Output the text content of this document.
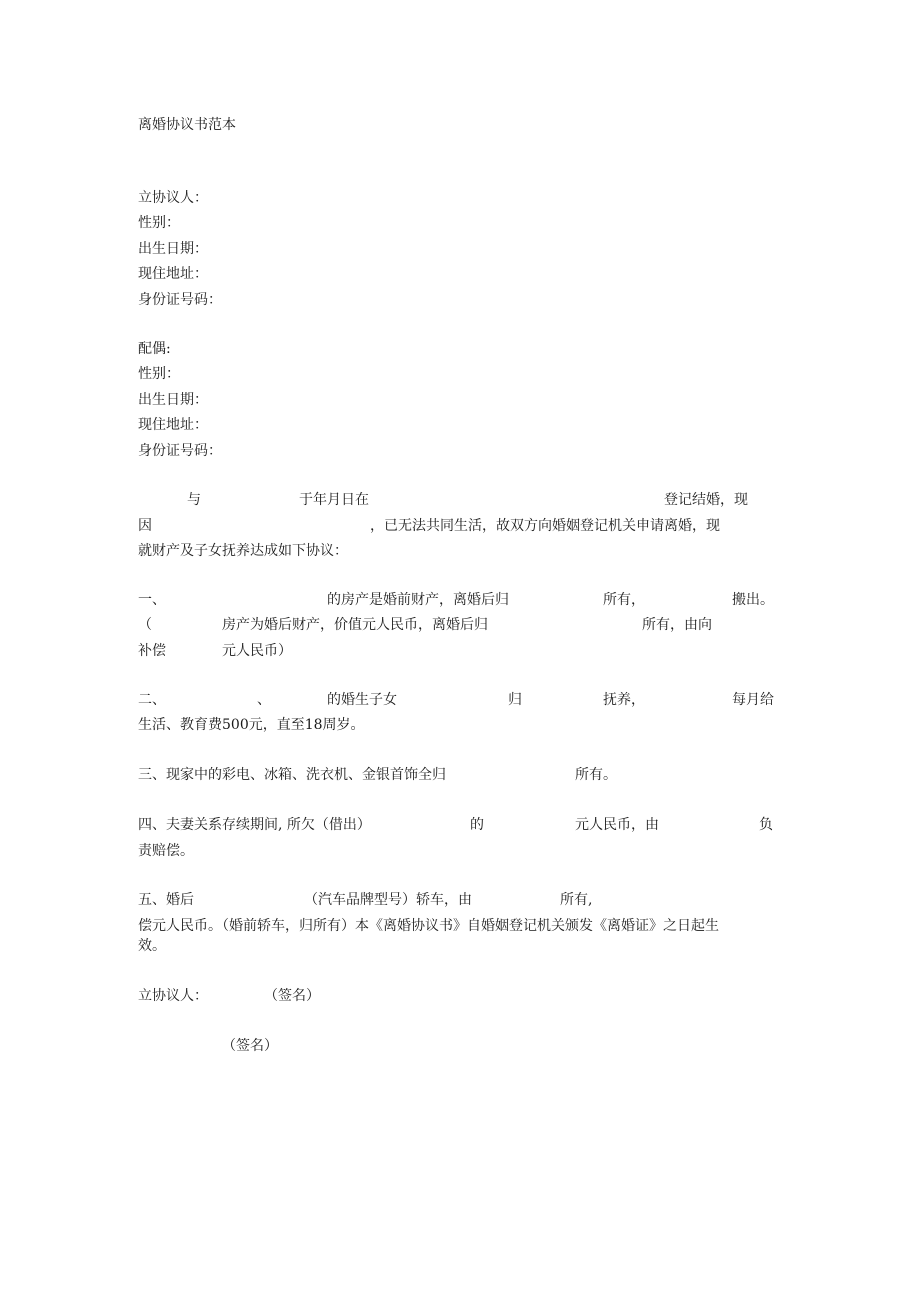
离婚协议书范本
立协议人：
性别：
出生日期：
现住地址：
身份证号码：
配偶:
性别：
出生日期：
现住地址：
身份证号码：
与	于年月日在	登记结婚，现
因	，已无法共同生活，故双方向婚姻登记机关申请离婚，现
就财产及子女抚养达成如下协议：
一、	的房产是婚前财产，离婚后归	所有，	搬出。
（	房产为婚后财产，价值元人民币，离婚后归	所有，由向
补偿	元人民币）
二、	、	的婚生子女	归	抚养，	每月给
生活、教育费500元，直至18周岁。
三、现家中的彩电、冰箱、洗衣机、金银首饰全归	所有。
四、夫妻关系存续期间, 所欠（借出）	的	元人民币，由	负
责赔偿。
五、婚后	（汽车品牌型号）轿车，由	所有,
偿元人民币。（婚前轿车，归所有）本《离婚协议书》自婚姻登记机关颁发《离婚证》之日起生
效。
立协议人：	（签名）
（签名）
